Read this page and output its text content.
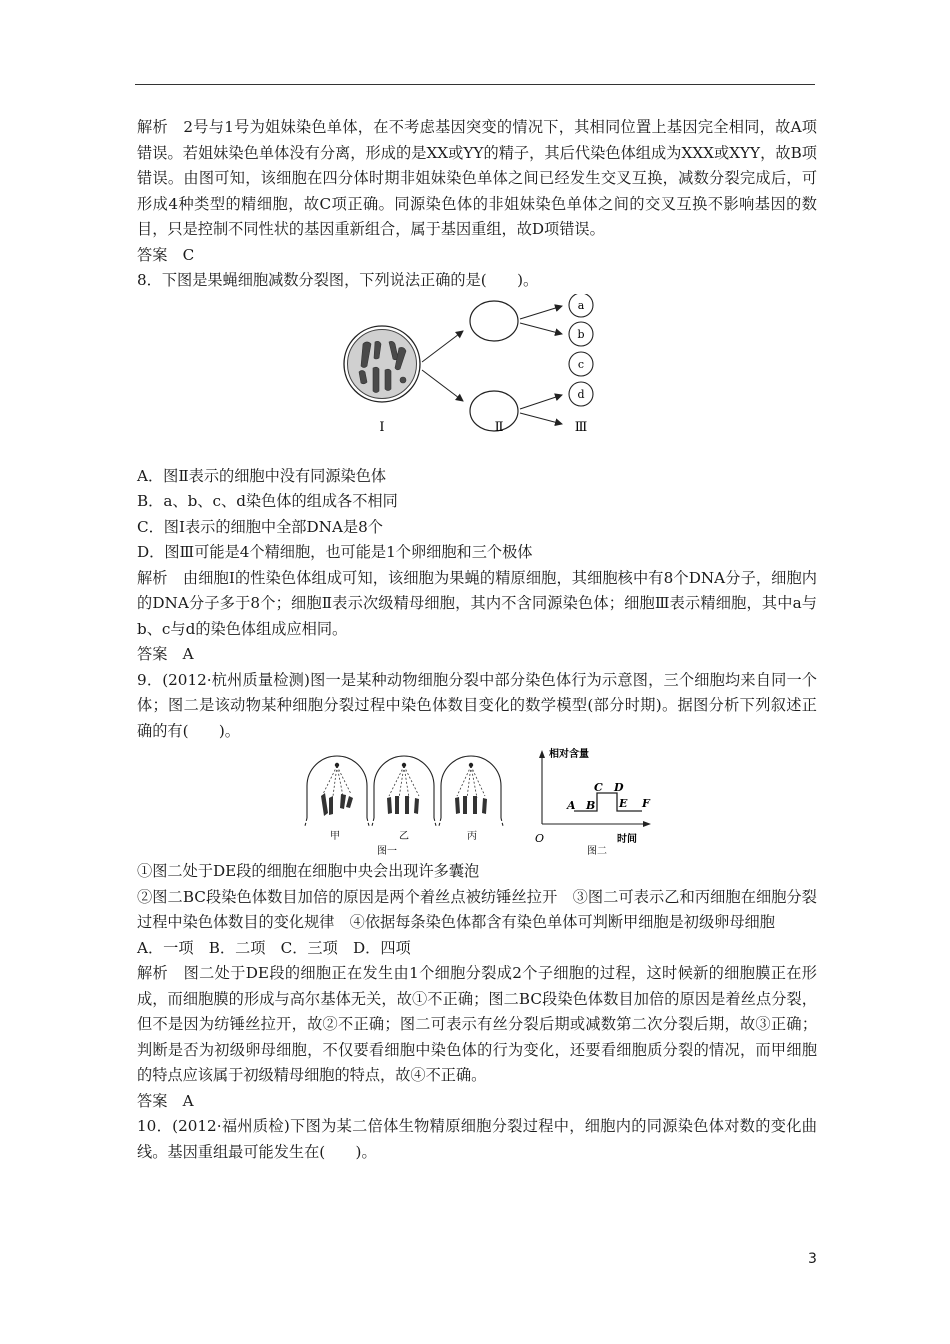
解析　2号与1号为姐妹染色单体，在不考虑基因突变的情况下，其相同位置上基因完全相同，故A项错误。若姐妹染色单体没有分离，形成的是XX或YY的精子，其后代染色体组成为XXX或XYY，故B项错误。由图可知，该细胞在四分体时期非姐妹染色单体之间已经发生交叉互换，减数分裂完成后，可形成4种类型的精细胞，故C项正确。同源染色体的非姐妹染色单体之间的交叉互换不影响基因的数目，只是控制不同性状的基因重新组合，属于基因重组，故D项错误。

答案　C

8．下图是果蝇细胞减数分裂图，下列说法正确的是(　　)。

a
b
c
d
Ⅰ	Ⅱ	Ⅲ

A．图Ⅱ表示的细胞中没有同源染色体

B．a、b、c、d染色体的组成各不相同

C．图Ⅰ表示的细胞中全部DNA是8个

D．图Ⅲ可能是4个精细胞，也可能是1个卵细胞和三个极体

解析　由细胞Ⅰ的性染色体组成可知，该细胞为果蝇的精原细胞，其细胞核中有8个DNA分子，细胞内的DNA分子多于8个；细胞Ⅱ表示次级精母细胞，其内不含同源染色体；细胞Ⅲ表示精细胞，其中a与b、c与d的染色体组成应相同。

答案　A

9．(2012·杭州质量检测)图一是某种动物细胞分裂中部分染色体行为示意图，三个细胞均来自同一个体；图二是该动物某种细胞分裂过程中染色体数目变化的数学模型(部分时期)。据图分析下列叙述正确的有(　　)。

甲	乙	丙
图一
相对含量
O	时间
图二
A B
C D
E F

①图二处于DE段的细胞在细胞中央会出现许多囊泡

②图二BC段染色体数目加倍的原因是两个着丝点被纺锤丝拉开　③图二可表示乙和丙细胞在细胞分裂过程中染色体数目的变化规律　④依据每条染色体都含有染色单体可判断甲细胞是初级卵母细胞

A．一项　B．二项　C．三项　D．四项

解析　图二处于DE段的细胞正在发生由1个细胞分裂成2个子细胞的过程，这时候新的细胞膜正在形成，而细胞膜的形成与高尔基体无关，故①不正确；图二BC段染色体数目加倍的原因是着丝点分裂，但不是因为纺锤丝拉开，故②不正确；图二可表示有丝分裂后期或减数第二次分裂后期，故③正确；判断是否为初级卵母细胞，不仅要看细胞中染色体的行为变化，还要看细胞质分裂的情况，而甲细胞的特点应该属于初级精母细胞的特点，故④不正确。

答案　A

10．(2012·福州质检)下图为某二倍体生物精原细胞分裂过程中，细胞内的同源染色体对数的变化曲线。基因重组最可能发生在(　　)。

3
